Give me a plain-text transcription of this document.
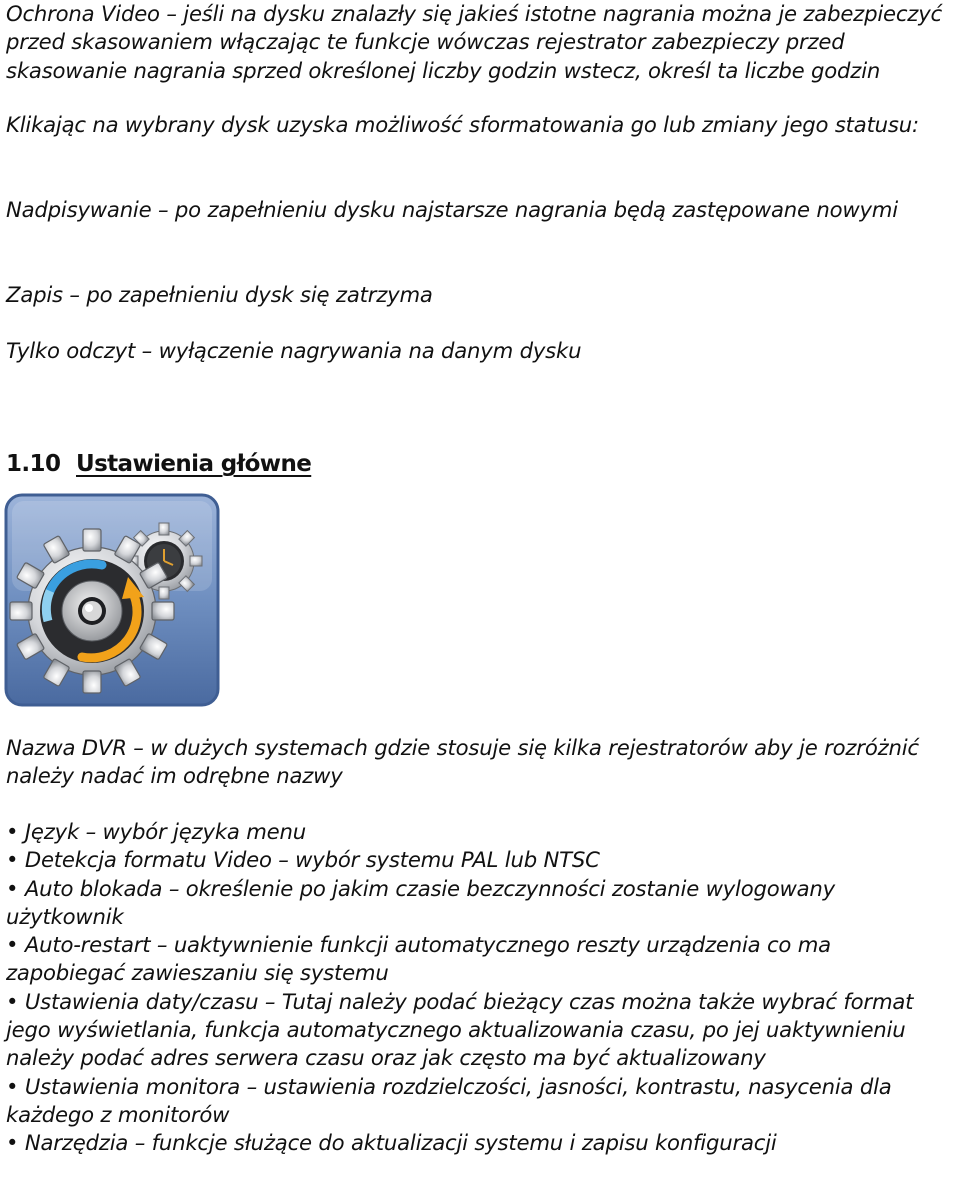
Ochrona Video – jeśli na dysku znalazły się jakieś istotne nagrania można je zabezpieczyć przed skasowaniem włączając te funkcje wówczas rejestrator zabezpieczy przed skasowanie nagrania sprzed określonej liczby godzin wstecz, określ ta liczbe godzin

Klikając na wybrany dysk uzyska możliwość sformatowania go lub zmiany jego statusu:

Nadpisywanie – po zapełnieniu dysku najstarsze nagrania będą zastępowane nowymi

Zapis – po zapełnieniu dysk się zatrzyma

Tylko odczyt – wyłączenie nagrywania na danym dysku

1.10 Ustawienia główne

Nazwa DVR – w dużych systemach gdzie stosuje się kilka rejestratorów aby je rozróżnić należy nadać im odrębne nazwy

• Język – wybór języka menu
• Detekcja formatu Video – wybór systemu PAL lub NTSC
• Auto blokada – określenie po jakim czasie bezczynności zostanie wylogowany użytkownik
• Auto-restart – uaktywnienie funkcji automatycznego reszty urządzenia co ma zapobiegać zawieszaniu się systemu
• Ustawienia daty/czasu – Tutaj należy podać bieżący czas można także wybrać format jego wyświetlania, funkcja automatycznego aktualizowania czasu, po jej uaktywnieniu należy podać adres serwera czasu oraz jak często ma być aktualizowany
• Ustawienia monitora – ustawienia rozdzielczości, jasności, kontrastu, nasycenia dla każdego z monitorów
• Narzędzia – funkcje służące do aktualizacji systemu i zapisu konfiguracji
